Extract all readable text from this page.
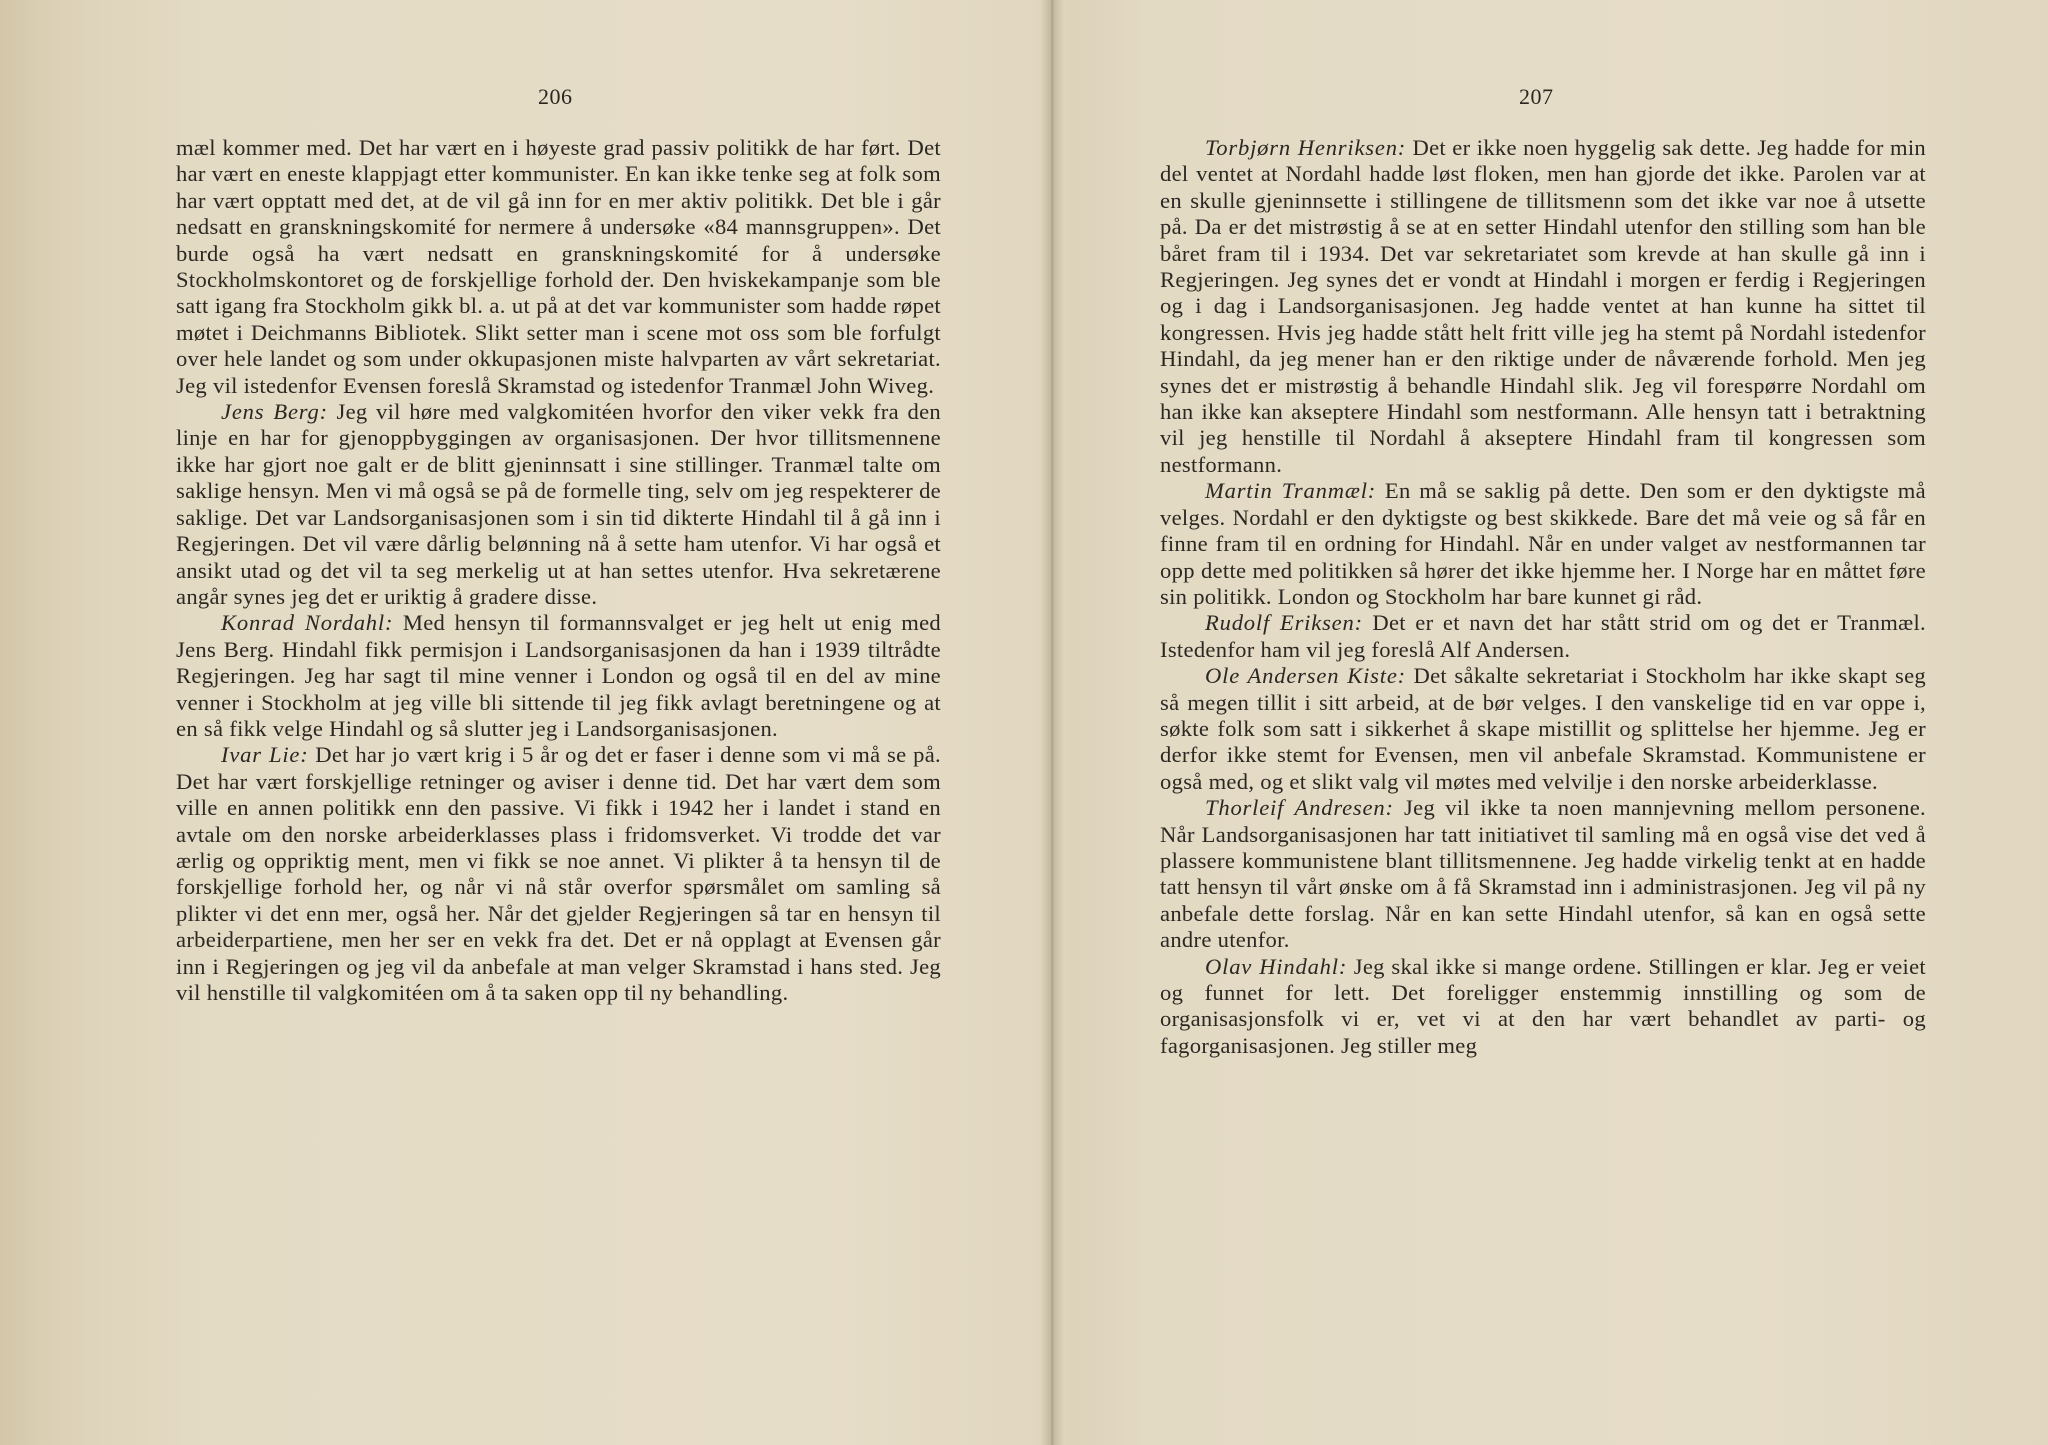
206

mæl kommer med. Det har vært en i høyeste grad passiv politikk de har ført. Det har vært en eneste klappjagt etter kommunister. En kan ikke tenke seg at folk som har vært opptatt med det, at de vil gå inn for en mer aktiv politikk. Det ble i går nedsatt en granskningskomité for nermere å undersøke «84 mannsgruppen». Det burde også ha vært nedsatt en granskningskomité for å undersøke Stockholmskontoret og de forskjellige forhold der. Den hviskekampanje som ble satt igang fra Stockholm gikk bl. a. ut på at det var kommunister som hadde røpet møtet i Deichmanns Bibliotek. Slikt setter man i scene mot oss som ble forfulgt over hele landet og som under okkupasjonen miste halvparten av vårt sekretariat. Jeg vil istedenfor Evensen foreslå Skramstad og istedenfor Tranmæl John Wiveg.

Jens Berg: Jeg vil høre med valgkomitéen hvorfor den viker vekk fra den linje en har for gjenoppbyggingen av organisasjonen. Der hvor tillitsmennene ikke har gjort noe galt er de blitt gjeninnsatt i sine stillinger. Tranmæl talte om saklige hensyn. Men vi må også se på de formelle ting, selv om jeg respekterer de saklige. Det var Landsorganisasjonen som i sin tid dikterte Hindahl til å gå inn i Regjeringen. Det vil være dårlig belønning nå å sette ham utenfor. Vi har også et ansikt utad og det vil ta seg merkelig ut at han settes utenfor. Hva sekretærene angår synes jeg det er uriktig å gradere disse.

Konrad Nordahl: Med hensyn til formannsvalget er jeg helt ut enig med Jens Berg. Hindahl fikk permisjon i Landsorganisasjonen da han i 1939 tiltrådte Regjeringen. Jeg har sagt til mine venner i London og også til en del av mine venner i Stockholm at jeg ville bli sittende til jeg fikk avlagt beretningene og at en så fikk velge Hindahl og så slutter jeg i Landsorganisasjonen.

Ivar Lie: Det har jo vært krig i 5 år og det er faser i denne som vi må se på. Det har vært forskjellige retninger og aviser i denne tid. Det har vært dem som ville en annen politikk enn den passive. Vi fikk i 1942 her i landet i stand en avtale om den norske arbeiderklasses plass i fridomsverket. Vi trodde det var ærlig og oppriktig ment, men vi fikk se noe annet. Vi plikter å ta hensyn til de forskjellige forhold her, og når vi nå står overfor spørsmålet om samling så plikter vi det enn mer, også her. Når det gjelder Regjeringen så tar en hensyn til arbeiderpartiene, men her ser en vekk fra det. Det er nå opplagt at Evensen går inn i Regjeringen og jeg vil da anbefale at man velger Skramstad i hans sted. Jeg vil henstille til valgkomitéen om å ta saken opp til ny behandling.

207

Torbjørn Henriksen: Det er ikke noen hyggelig sak dette. Jeg hadde for min del ventet at Nordahl hadde løst floken, men han gjorde det ikke. Parolen var at en skulle gjeninnsette i stillingene de tillitsmenn som det ikke var noe å utsette på. Da er det mistrøstig å se at en setter Hindahl utenfor den stilling som han ble båret fram til i 1934. Det var sekretariatet som krevde at han skulle gå inn i Regjeringen. Jeg synes det er vondt at Hindahl i morgen er ferdig i Regjeringen og i dag i Landsorganisasjonen. Jeg hadde ventet at han kunne ha sittet til kongressen. Hvis jeg hadde stått helt fritt ville jeg ha stemt på Nordahl istedenfor Hindahl, da jeg mener han er den riktige under de nåværende forhold. Men jeg synes det er mistrøstig å behandle Hindahl slik. Jeg vil forespørre Nordahl om han ikke kan akseptere Hindahl som nestformann. Alle hensyn tatt i betraktning vil jeg henstille til Nordahl å akseptere Hindahl fram til kongressen som nestformann.

Martin Tranmæl: En må se saklig på dette. Den som er den dyktigste må velges. Nordahl er den dyktigste og best skikkede. Bare det må veie og så får en finne fram til en ordning for Hindahl. Når en under valget av nestformannen tar opp dette med politikken så hører det ikke hjemme her. I Norge har en måttet føre sin politikk. London og Stockholm har bare kunnet gi råd.

Rudolf Eriksen: Det er et navn det har stått strid om og det er Tranmæl. Istedenfor ham vil jeg foreslå Alf Andersen.

Ole Andersen Kiste: Det såkalte sekretariat i Stockholm har ikke skapt seg så megen tillit i sitt arbeid, at de bør velges. I den vanskelige tid en var oppe i, søkte folk som satt i sikkerhet å skape mistillit og splittelse her hjemme. Jeg er derfor ikke stemt for Evensen, men vil anbefale Skramstad. Kommunistene er også med, og et slikt valg vil møtes med velvilje i den norske arbeiderklasse.

Thorleif Andresen: Jeg vil ikke ta noen mannjevning mellom personene. Når Landsorganisasjonen har tatt initiativet til samling må en også vise det ved å plassere kommunistene blant tillitsmennene. Jeg hadde virkelig tenkt at en hadde tatt hensyn til vårt ønske om å få Skramstad inn i administrasjonen. Jeg vil på ny anbefale dette forslag. Når en kan sette Hindahl utenfor, så kan en også sette andre utenfor.

Olav Hindahl: Jeg skal ikke si mange ordene. Stillingen er klar. Jeg er veiet og funnet for lett. Det foreligger enstemmig innstilling og som de organisasjonsfolk vi er, vet vi at den har vært behandlet av parti- og fagorganisasjonen. Jeg stiller meg
